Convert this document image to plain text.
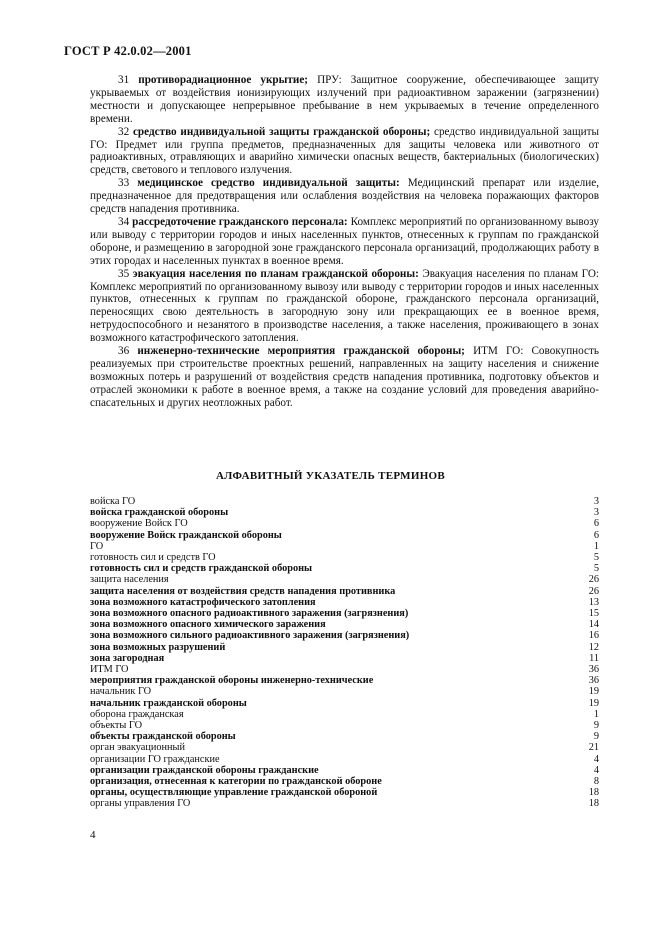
ГОСТ Р 42.0.02—2001

31 противорадиационное укрытие; ПРУ: Защитное сооружение, обеспечивающее защиту укрываемых от воздействия ионизирующих излучений при радиоактивном заражении (загрязнении) местности и допускающее непрерывное пребывание в нем укрываемых в течение определенного времени.

32 средство индивидуальной защиты гражданской обороны; средство индивидуальной защиты ГО: Предмет или группа предметов, предназначенных для защиты человека или животного от радиоактивных, отравляющих и аварийно химически опасных веществ, бактериальных (биологических) средств, светового и теплового излучения.

33 медицинское средство индивидуальной защиты: Медицинский препарат или изделие, предназначенное для предотвращения или ослабления воздействия на человека поражающих факторов средств нападения противника.

34 рассредоточение гражданского персонала: Комплекс мероприятий по организованному вывозу или выводу с территории городов и иных населенных пунктов, отнесенных к группам по гражданской обороне, и размещению в загородной зоне гражданского персонала организаций, продолжающих работу в этих городах и населенных пунктах в военное время.

35 эвакуация населения по планам гражданской обороны: Эвакуация населения по планам ГО: Комплекс мероприятий по организованному вывозу или выводу с территории городов и иных населенных пунктов, отнесенных к группам по гражданской обороне, гражданского персонала организаций, переносящих свою деятельность в загородную зону или прекращающих ее в военное время, нетрудоспособного и незанятого в производстве населения, а также населения, проживающего в зонах возможного катастрофического затопления.

36 инженерно-технические мероприятия гражданской обороны; ИТМ ГО: Совокупность реализуемых при строительстве проектных решений, направленных на защиту населения и снижение возможных потерь и разрушений от воздействия средств нападения противника, подготовку объектов и отраслей экономики к работе в военное время, а также на создание условий для проведения аварийно-спасательных и других неотложных работ.

АЛФАВИТНЫЙ УКАЗАТЕЛЬ ТЕРМИНОВ
войска ГО	3
войска гражданской обороны	3
вооружение Войск ГО	6
вооружение Войск гражданской обороны	6
ГО	1
готовность сил и средств ГО	5
готовность сил и средств гражданской обороны	5
защита населения	26
защита населения от воздействия средств нападения противника	26
зона возможного катастрофического затопления	13
зона возможного опасного радиоактивного заражения (загрязнения)	15
зона возможного опасного химического заражения	14
зона возможного сильного радиоактивного заражения (загрязнения)	16
зона возможных разрушений	12
зона загородная	11
ИТМ ГО	36
мероприятия гражданской обороны инженерно-технические	36
начальник ГО	19
начальник гражданской обороны	19
оборона гражданская	1
объекты ГО	9
объекты гражданской обороны	9
орган эвакуационный	21
организации ГО гражданские	4
организации гражданской обороны гражданские	4
организация, отнесенная к категории по гражданской обороне	8
органы, осуществляющие управление гражданской обороной	18
органы управления ГО	18
4
